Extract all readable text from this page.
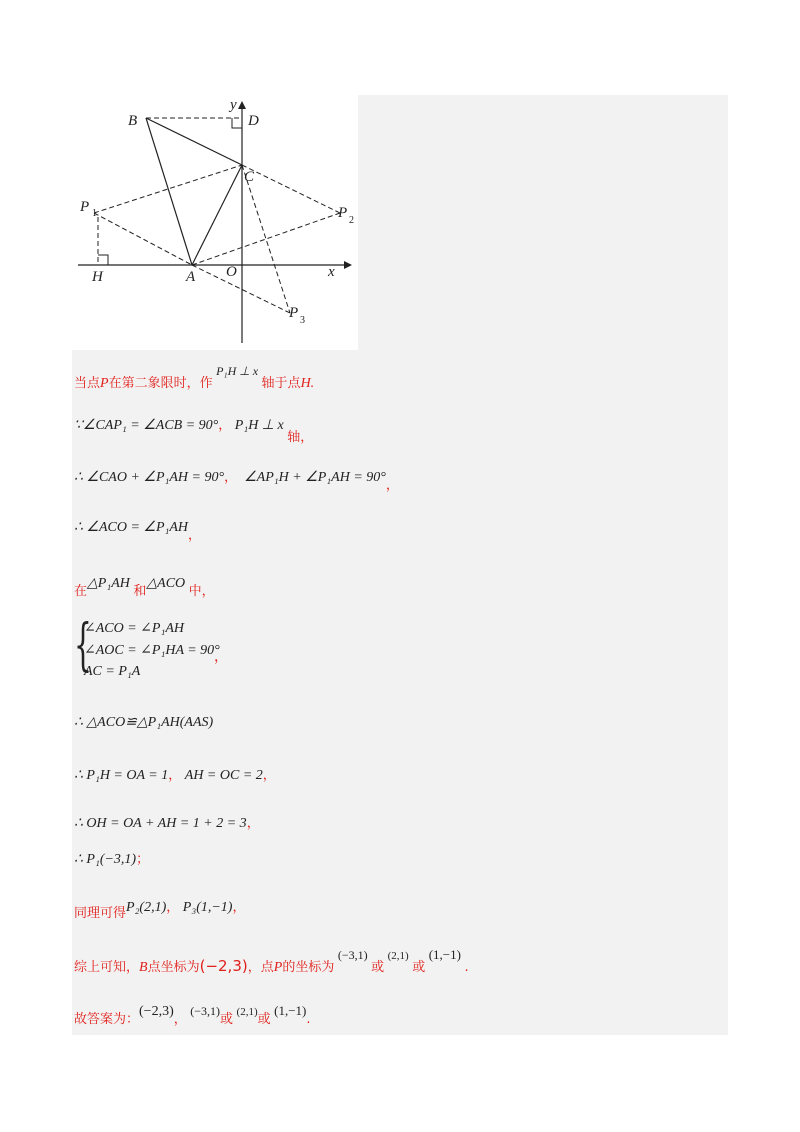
B	D
y
C
P 1	P 2
H	A O	x
P 3
当点P在第二象限时，作 P₁H ⊥ x 轴于点H.
∵∠CAP₁ = ∠ACB = 90°， P₁H ⊥ x 轴，
∴ ∠CAO + ∠P₁AH = 90°， ∠AP₁H + ∠P₁AH = 90°，
∴ ∠ACO = ∠P₁AH，
在△P₁AH 和△ACO 中，
{
∠ACO = ∠P₁AH
∠AOC = ∠P₁HA = 90°
AC = P₁A
，
∴ △ACO≌△P₁AH(AAS)
∴ P₁H = OA = 1， AH = OC = 2，
∴ OH = OA + AH = 1 + 2 = 3，
∴ P₁(−3,1)；
同理可得P₂(2,1)， P₃(1,−1)，
综上可知，B点坐标为(−2,3)，点P的坐标为 (−3,1) 或 (2,1) 或 (1,−1) .
故答案为：(−2,3)， (−3,1)或 (2,1)或 (1,−1).
